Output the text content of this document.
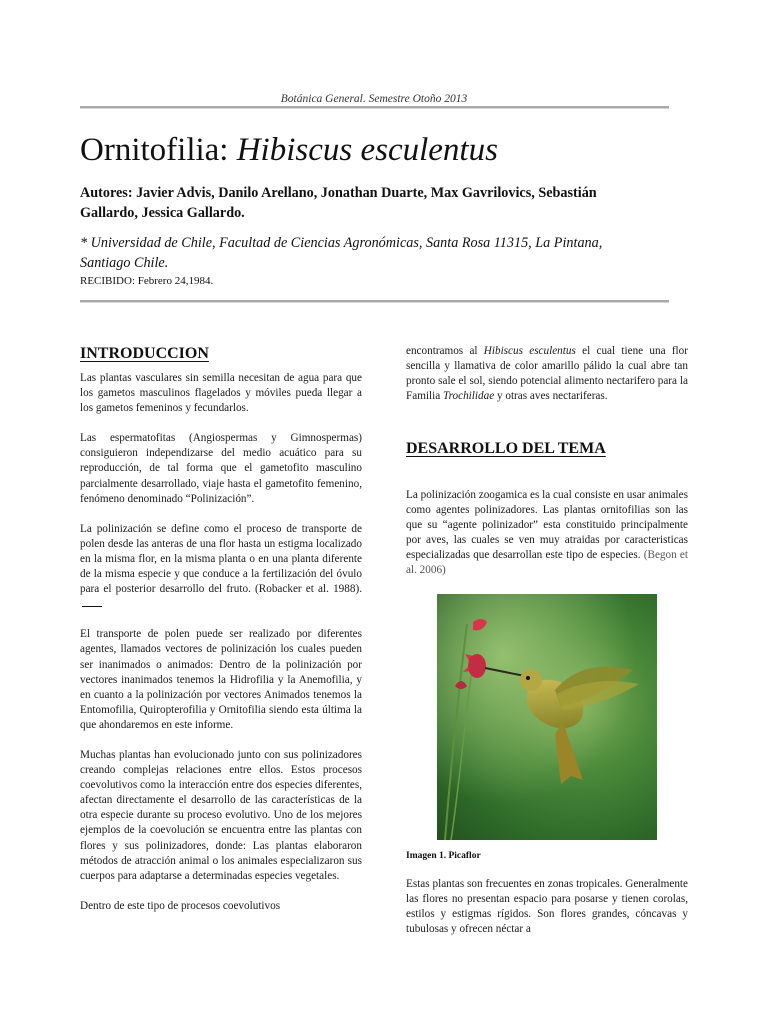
Botánica General. Semestre Otoño 2013
Ornitofilia: Hibiscus esculentus
Autores: Javier Advis, Danilo Arellano, Jonathan Duarte, Max Gavrilovics, Sebastián Gallardo, Jessica Gallardo.
* Universidad de Chile, Facultad de Ciencias Agronómicas, Santa Rosa 11315, La Pintana, Santiago Chile.
RECIBIDO: Febrero 24,1984.
INTRODUCCION

Las plantas vasculares sin semilla necesitan de agua para que los gametos masculinos flagelados y móviles pueda llegar a los gametos femeninos y fecundarlos.

Las espermatofitas (Angiospermas y Gimnospermas) consiguieron independizarse del medio acuático para su reproducción, de tal forma que el gametofito masculino parcialmente desarrollado, viaje hasta el gametofito femenino, fenómeno denominado “Polinización”.

La polinización se define como el proceso de transporte de polen desde las anteras de una flor hasta un estigma localizado en la misma flor, en la misma planta o en una planta diferente de la misma especie y que conduce a la fertilización del óvulo para el posterior desarrollo del fruto. (Robacker et al. 1988).

El transporte de polen puede ser realizado por diferentes agentes, llamados vectores de polinización los cuales pueden ser inanimados o animados: Dentro de la polinización por vectores inanimados tenemos la Hidrofilia y la Anemofilia, y en cuanto a la polinización por vectores Animados tenemos la Entomofilia, Quiropterofilia y Ornitofilia siendo esta última la que ahondaremos en este informe.

Muchas plantas han evolucionado junto con sus polinizadores creando complejas relaciones entre ellos. Estos procesos coevolutivos como la interacción entre dos especies diferentes, afectan directamente el desarrollo de las características de la otra especie durante su proceso evolutivo. Uno de los mejores ejemplos de la coevolución se encuentra entre las plantas con flores y sus polinizadores, donde: Las plantas elaboraron métodos de atracción animal o los animales especializaron sus cuerpos para adaptarse a determinadas especies vegetales.

Dentro de este tipo de procesos coevolutivos

encontramos al Hibiscus esculentus el cual tiene una flor sencilla y llamativa de color amarillo pálido la cual abre tan pronto sale el sol, siendo potencial alimento nectarifero para la Familia Trochilidae y otras aves nectariferas.

DESARROLLO DEL TEMA

La polinización zoogamica es la cual consiste en usar animales como agentes polinizadores. Las plantas ornitofilias son las que su “agente polinizador” esta constituido principalmente por aves, las cuales se ven muy atraidas por caracteristicas especializadas que desarrollan este tipo de especies. (Begon et al. 2006)

Imagen 1. Picaflor

Estas plantas son frecuentes en zonas tropicales. Generalmente las flores no presentan espacio para posarse y tienen corolas, estilos y estigmas rígidos. Son flores grandes, cóncavas y tubulosas y ofrecen néctar a
